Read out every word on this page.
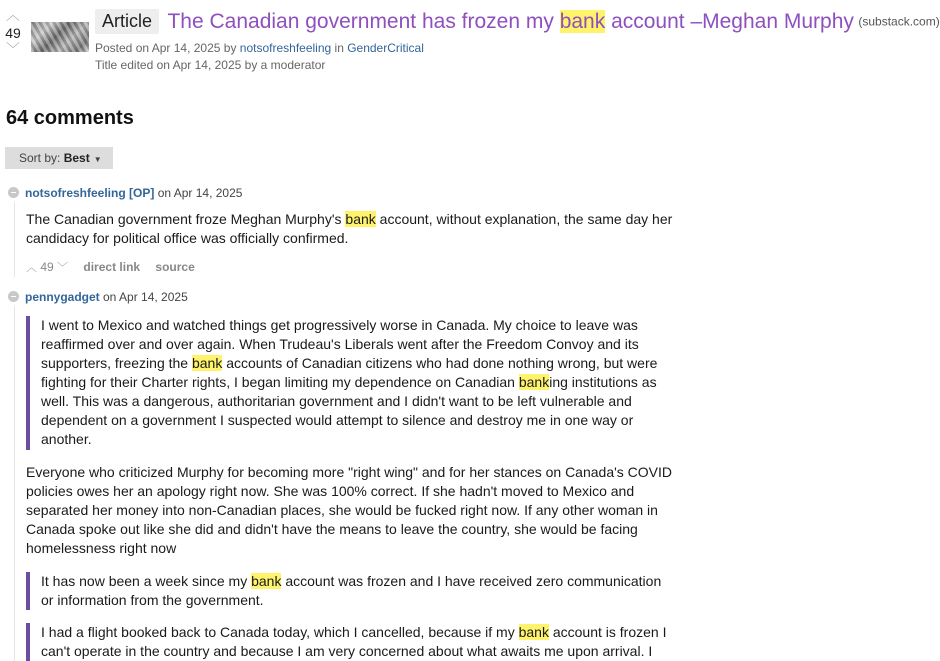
︿
49
﹀
Article The Canadian government has frozen my bank account –Meghan Murphy (substack.com)
Posted on Apr 14, 2025 by notsofreshfeeling in GenderCritical
Title edited on Apr 14, 2025 by a moderator
64 comments
Sort by: Best ▼
notsofreshfeeling [OP] on Apr 14, 2025

The Canadian government froze Meghan Murphy's bank account, without explanation, the same day her candidacy for political office was officially confirmed.

︿ 49 ﹀ direct link source
pennygadget on Apr 14, 2025
I went to Mexico and watched things get progressively worse in Canada. My choice to leave was reaffirmed over and over again. When Trudeau's Liberals went after the Freedom Convoy and its supporters, freezing the bank accounts of Canadian citizens who had done nothing wrong, but were fighting for their Charter rights, I began limiting my dependence on Canadian banking institutions as well. This was a dangerous, authoritarian government and I didn't want to be left vulnerable and dependent on a government I suspected would attempt to silence and destroy me in one way or another.

Everyone who criticized Murphy for becoming more "right wing" and for her stances on Canada's COVID policies owes her an apology right now. She was 100% correct. If she hadn't moved to Mexico and separated her money into non-Canadian places, she would be fucked right now. If any other woman in Canada spoke out like she did and didn't have the means to leave the country, she would be facing homelessness right now

It has now been a week since my bank account was frozen and I have received zero communication or information from the government.
I had a flight booked back to Canada today, which I cancelled, because if my bank account is frozen I can't operate in the country and because I am very concerned about what awaits me upon arrival. I
